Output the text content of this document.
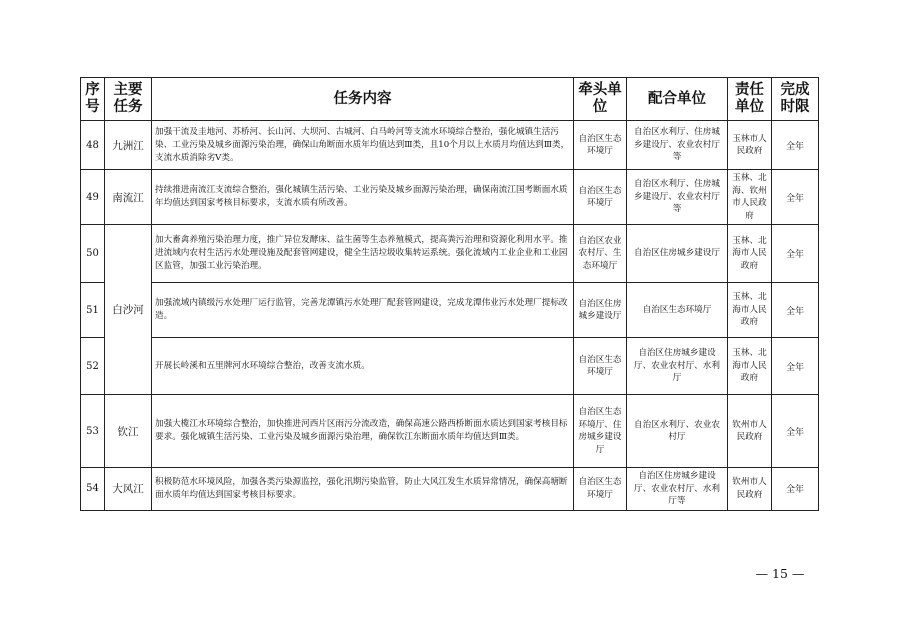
序号	主要任务	任务内容	牵头单位	配合单位	责任单位	完成时限
48	九洲江	加强干流及圭地河、苏桥河、长山河、大坝河、古城河、白马岭河等支流水环境综合整治，强化城镇生活污染、工业污染及城乡面源污染治理，确保山角断面水质年均值达到Ⅲ类，且10个月以上水质月均值达到Ⅲ类，支流水质消除劣Ⅴ类。	自治区生态环境厅	自治区水利厅、住房城乡建设厅、农业农村厅等	玉林市人民政府	全年
49	南流江	持续推进南流江支流综合整治，强化城镇生活污染、工业污染及城乡面源污染治理，确保南流江国考断面水质年均值达到国家考核目标要求，支流水质有所改善。	自治区生态环境厅	自治区水利厅、住房城乡建设厅、农业农村厅等	玉林、北海、钦州市人民政府	全年
50	白沙河	加大畜禽养殖污染治理力度，推广异位发酵床、益生菌等生态养殖模式，提高粪污治理和资源化利用水平。推进流域内农村生活污水处理设施及配套管网建设，健全生活垃圾收集转运系统。强化流域内工业企业和工业园区监管，加强工业污染治理。	自治区农业农村厅、生态环境厅	自治区住房城乡建设厅	玉林、北海市人民政府	全年
51		加强流域内镇级污水处理厂运行监管，完善龙潭镇污水处理厂配套管网建设，完成龙潭伟业污水处理厂提标改造。	自治区住房城乡建设厅	自治区生态环境厅	玉林、北海市人民政府	全年
52		开展长岭溪和五里牌河水环境综合整治，改善支流水质。	自治区生态环境厅	自治区住房城乡建设厅、农业农村厅、水利厅	玉林、北海市人民政府	全年
53	钦江	加强大榄江水环境综合整治，加快推进河西片区雨污分流改造，确保高速公路西桥断面水质达到国家考核目标要求。强化城镇生活污染、工业污染及城乡面源污染治理，确保钦江东断面水质年均值达到Ⅲ类。	自治区生态环境厅、住房城乡建设厅	自治区水利厅、农业农村厅	钦州市人民政府	全年
54	大风江	积极防范水环境风险，加强各类污染源监控，强化汛期污染监管，防止大风江发生水质异常情况，确保高塘断面水质年均值达到国家考核目标要求。	自治区生态环境厅	自治区住房城乡建设厅、农业农村厅、水利厅等	钦州市人民政府	全年
— 15 —
